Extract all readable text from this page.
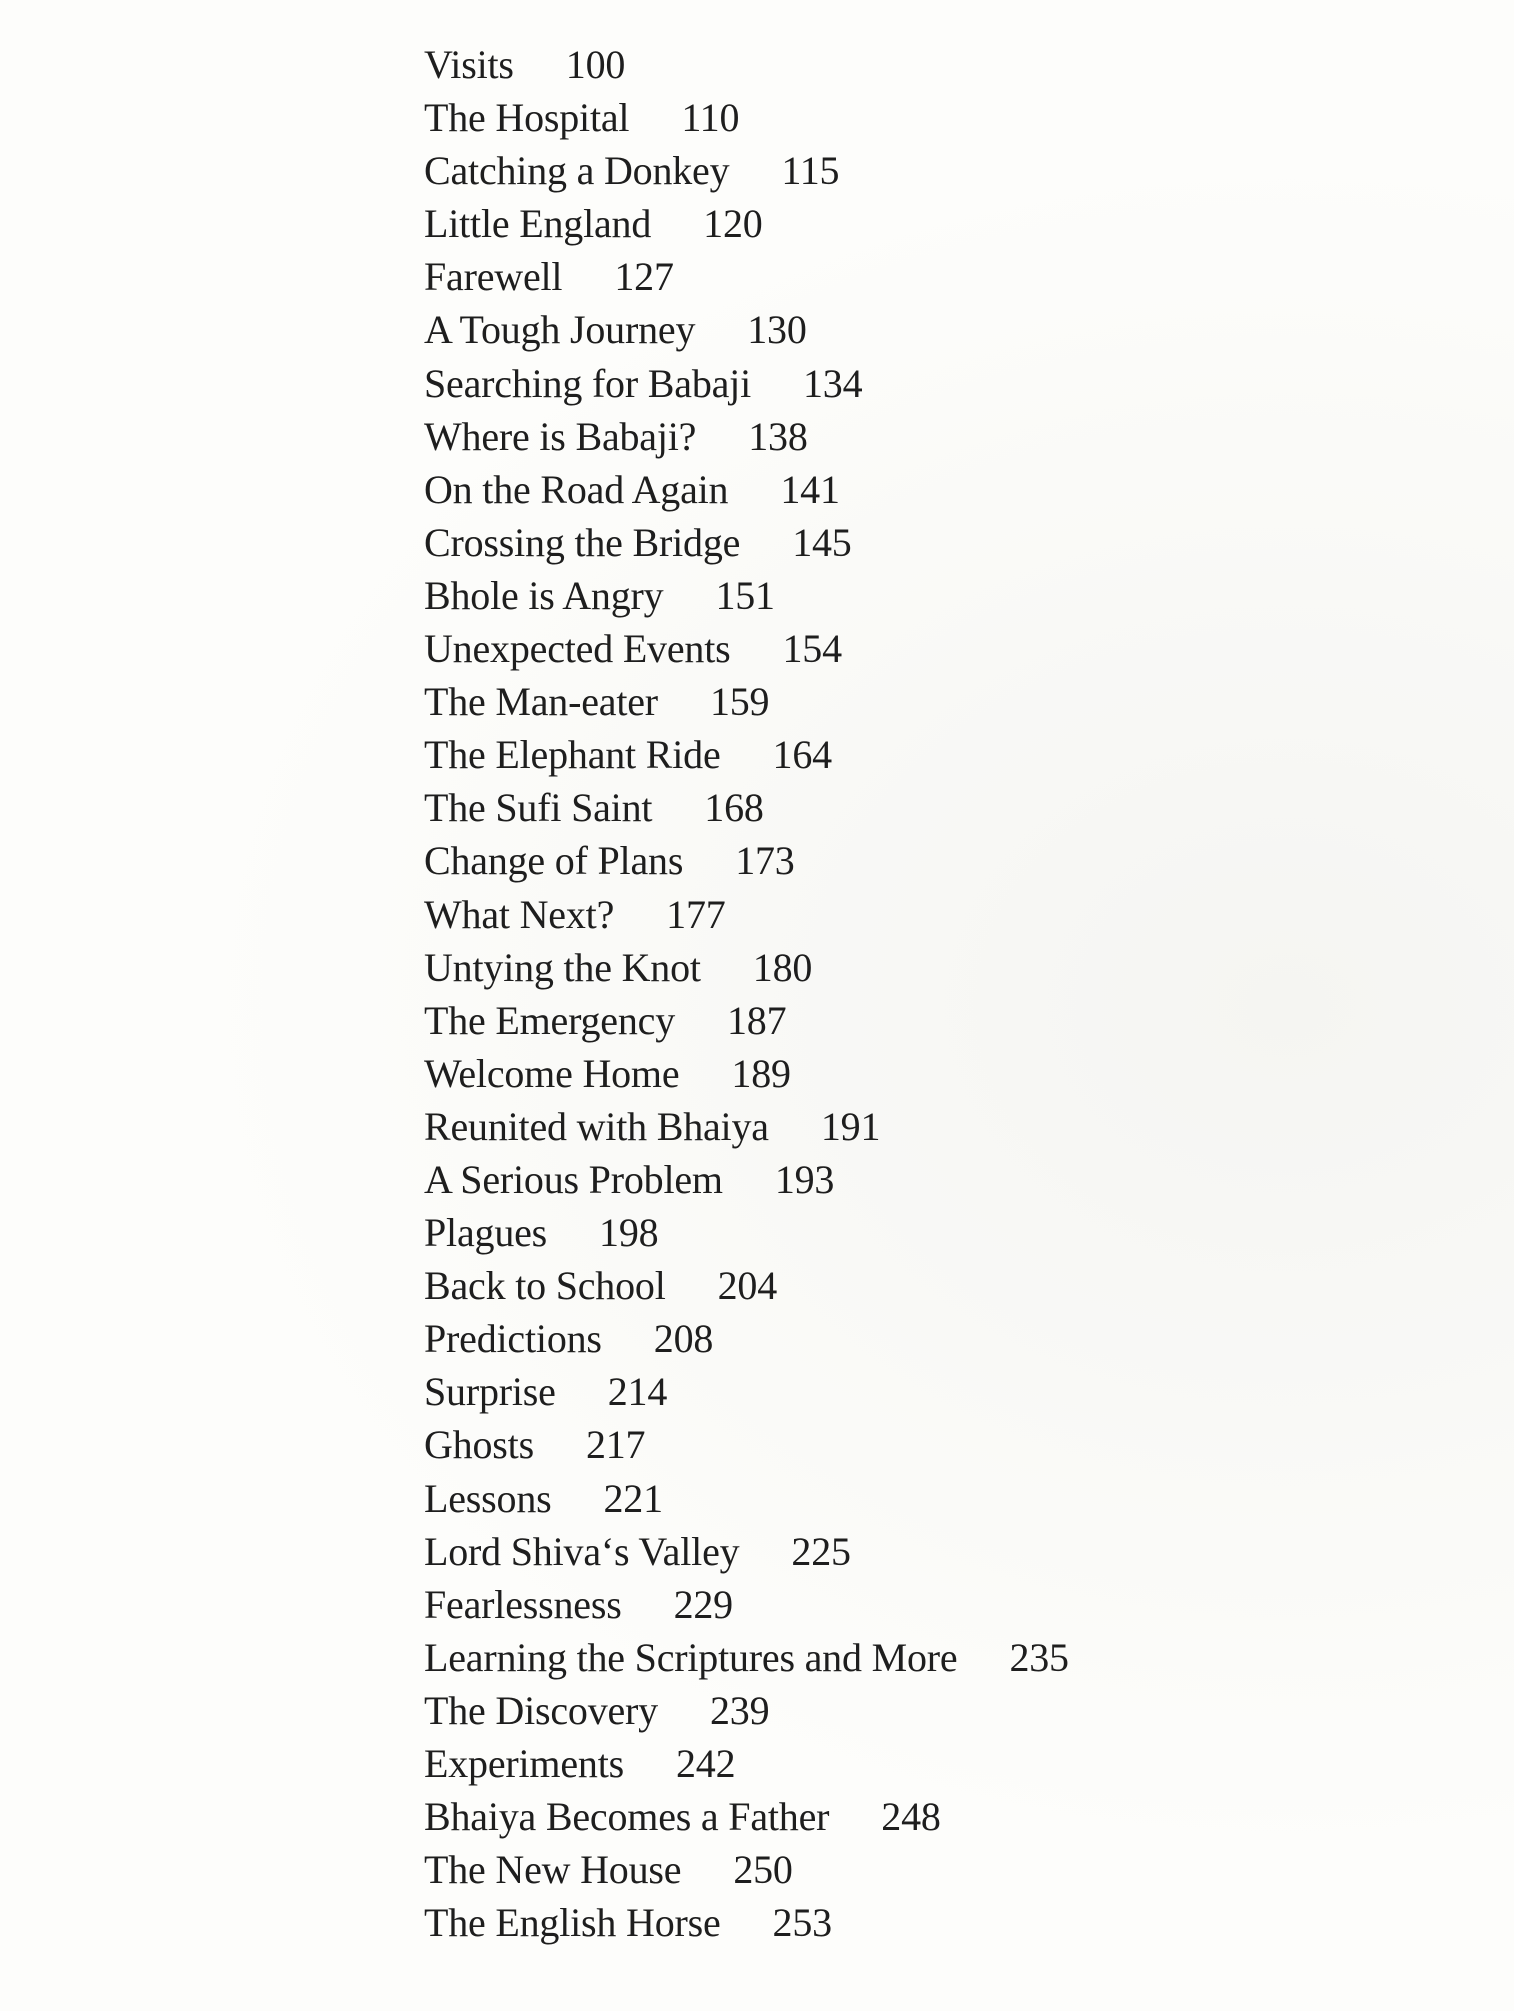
Visits 100
The Hospital 110
Catching a Donkey 115
Little England 120
Farewell 127
A Tough Journey 130
Searching for Babaji 134
Where is Babaji? 138
On the Road Again 141
Crossing the Bridge 145
Bhole is Angry 151
Unexpected Events 154
The Man-eater 159
The Elephant Ride 164
The Sufi Saint 168
Change of Plans 173
What Next? 177
Untying the Knot 180
The Emergency 187
Welcome Home 189
Reunited with Bhaiya 191
A Serious Problem 193
Plagues 198
Back to School 204
Predictions 208
Surprise 214
Ghosts 217
Lessons 221
Lord Shiva‘s Valley 225
Fearlessness 229
Learning the Scriptures and More 235
The Discovery 239
Experiments 242
Bhaiya Becomes a Father 248
The New House 250
The English Horse 253
